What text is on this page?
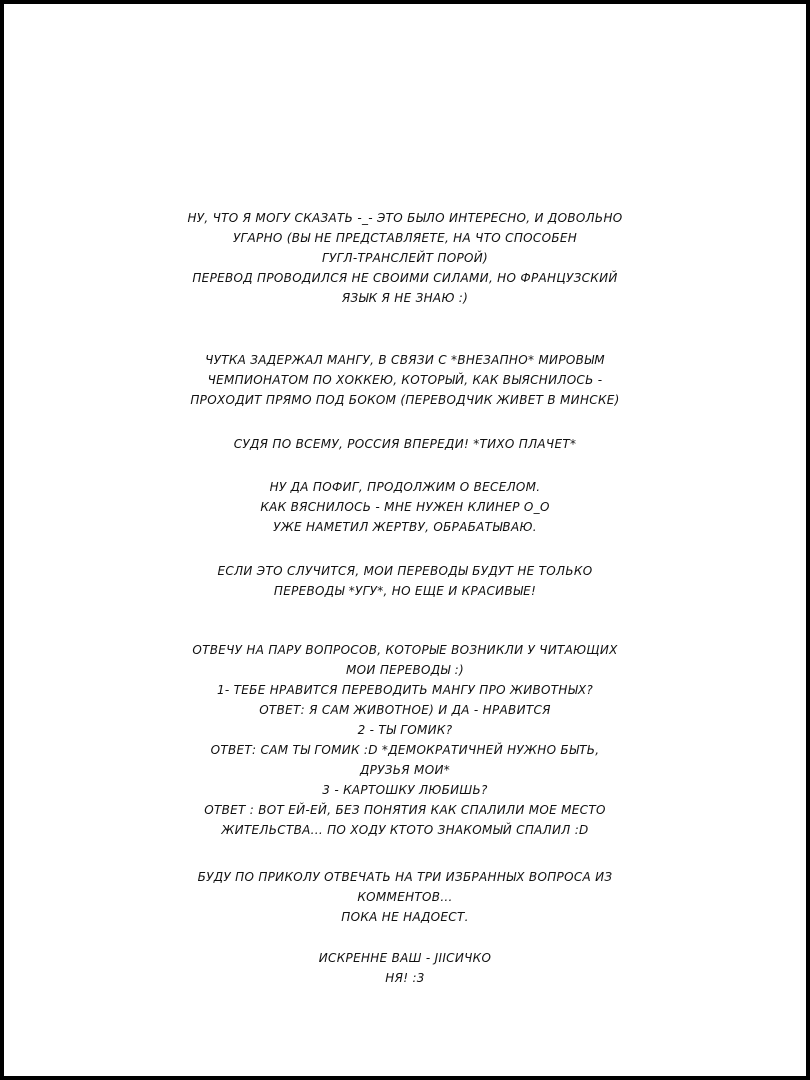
НУ, ЧТО Я МОГУ СКАЗАТЬ -_- ЭТО БЫЛО ИНТЕРЕСНО, И ДОВОЛЬНО
УГАРНО (ВЫ НЕ ПРЕДСТАВЛЯЕТЕ, НА ЧТО СПОСОБЕН
ГУГЛ-ТРАНСЛЕЙТ ПОРОЙ)
ПЕРЕВОД ПРОВОДИЛСЯ НЕ СВОИМИ СИЛАМИ, НО ФРАНЦУЗСКИЙ
ЯЗЫК Я НЕ ЗНАЮ :)
ЧУТКА ЗАДЕРЖАЛ МАНГУ, В СВЯЗИ С *ВНЕЗАПНО* МИРОВЫМ
ЧЕМПИОНАТОМ ПО ХОККЕЮ, КОТОРЫЙ, КАК ВЫЯСНИЛОСЬ -
ПРОХОДИТ ПРЯМО ПОД БОКОМ (ПЕРЕВОДЧИК ЖИВЕТ В МИНСКЕ)
СУДЯ ПО ВСЕМУ, РОССИЯ ВПЕРЕДИ! *ТИХО ПЛАЧЕТ*
НУ ДА ПОФИГ, ПРОДОЛЖИМ О ВЕСЕЛОМ.
КАК ВЯСНИЛОСЬ - МНЕ НУЖЕН КЛИНЕР О_О
УЖЕ НАМЕТИЛ ЖЕРТВУ, ОБРАБАТЫВАЮ.
ЕСЛИ ЭТО СЛУЧИТСЯ, МОИ ПЕРЕВОДЫ БУДУТ НЕ ТОЛЬКО
ПЕРЕВОДЫ *УГУ*, НО ЕЩЕ И КРАСИВЫЕ!
ОТВЕЧУ НА ПАРУ ВОПРОСОВ, КОТОРЫЕ ВОЗНИКЛИ У ЧИТАЮЩИХ
МОИ ПЕРЕВОДЫ :)
1- ТЕБЕ НРАВИТСЯ ПЕРЕВОДИТЬ МАНГУ ПРО ЖИВОТНЫХ?
ОТВЕТ: Я САМ ЖИВОТНОЕ) И ДА - НРАВИТСЯ
2 - ТЫ ГОМИК?
ОТВЕТ: САМ ТЫ ГОМИК :D *ДЕМОКРАТИЧНЕЙ НУЖНО БЫТЬ,
ДРУЗЬЯ МОИ*
3 - КАРТОШКУ ЛЮБИШЬ?
ОТВЕТ : ВОТ ЕЙ-ЕЙ, БЕЗ ПОНЯТИЯ КАК СПАЛИЛИ МОЕ МЕСТО
ЖИТЕЛЬСТВА... ПО ХОДУ КТОТО ЗНАКОМЫЙ СПАЛИЛ :D
БУДУ ПО ПРИКОЛУ ОТВЕЧАТЬ НА ТРИ ИЗБРАННЫХ ВОПРОСА ИЗ
КОММЕНТОВ...
ПОКА НЕ НАДОЕСТ.
ИСКРЕННЕ ВАШ - JIICИЧКО
НЯ! :3
